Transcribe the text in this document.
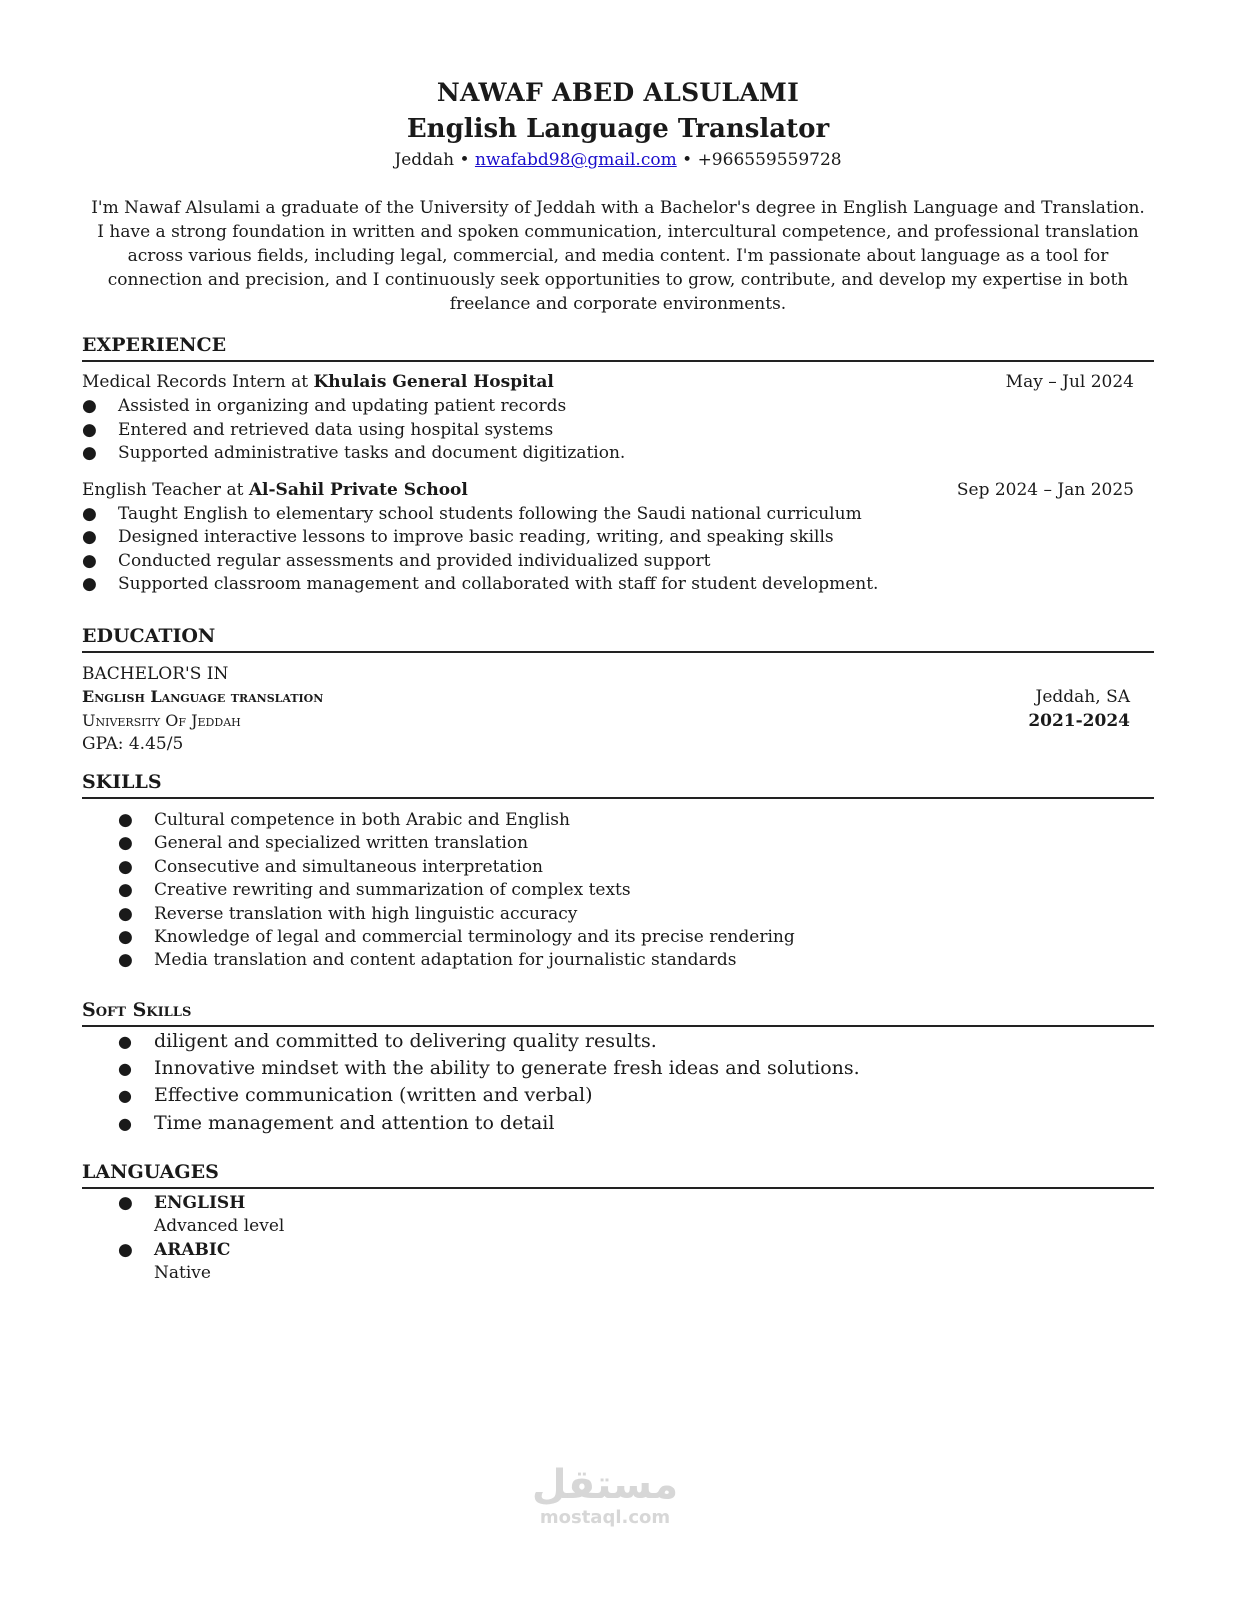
NAWAF ABED ALSULAMI
English Language Translator
Jeddah • nwafabd98@gmail.com • +966559559728
I'm Nawaf Alsulami a graduate of the University of Jeddah with a Bachelor's degree in English Language and Translation. I have a strong foundation in written and spoken communication, intercultural competence, and professional translation across various fields, including legal, commercial, and media content. I'm passionate about language as a tool for connection and precision, and I continuously seek opportunities to grow, contribute, and develop my expertise in both freelance and corporate environments.
EXPERIENCE
Medical Records Intern at Khulais General Hospital	May – Jul 2024
● Assisted in organizing and updating patient records
● Entered and retrieved data using hospital systems
● Supported administrative tasks and document digitization.
English Teacher at Al-Sahil Private School	Sep 2024 – Jan 2025
● Taught English to elementary school students following the Saudi national curriculum
● Designed interactive lessons to improve basic reading, writing, and speaking skills
● Conducted regular assessments and provided individualized support
● Supported classroom management and collaborated with staff for student development.
EDUCATION
BACHELOR'S IN
English Language translation
University Of Jeddah
GPA: 4.45/5
Jeddah, SA
2021-2024
SKILLS
● Cultural competence in both Arabic and English
● General and specialized written translation
● Consecutive and simultaneous interpretation
● Creative rewriting and summarization of complex texts
● Reverse translation with high linguistic accuracy
● Knowledge of legal and commercial terminology and its precise rendering
● Media translation and content adaptation for journalistic standards
Soft Skills
● diligent and committed to delivering quality results.
● Innovative mindset with the ability to generate fresh ideas and solutions.
● Effective communication (written and verbal)
● Time management and attention to detail
LANGUAGES
● ENGLISH
Advanced level
● ARABIC
Native
مستقل
mostaql.com
